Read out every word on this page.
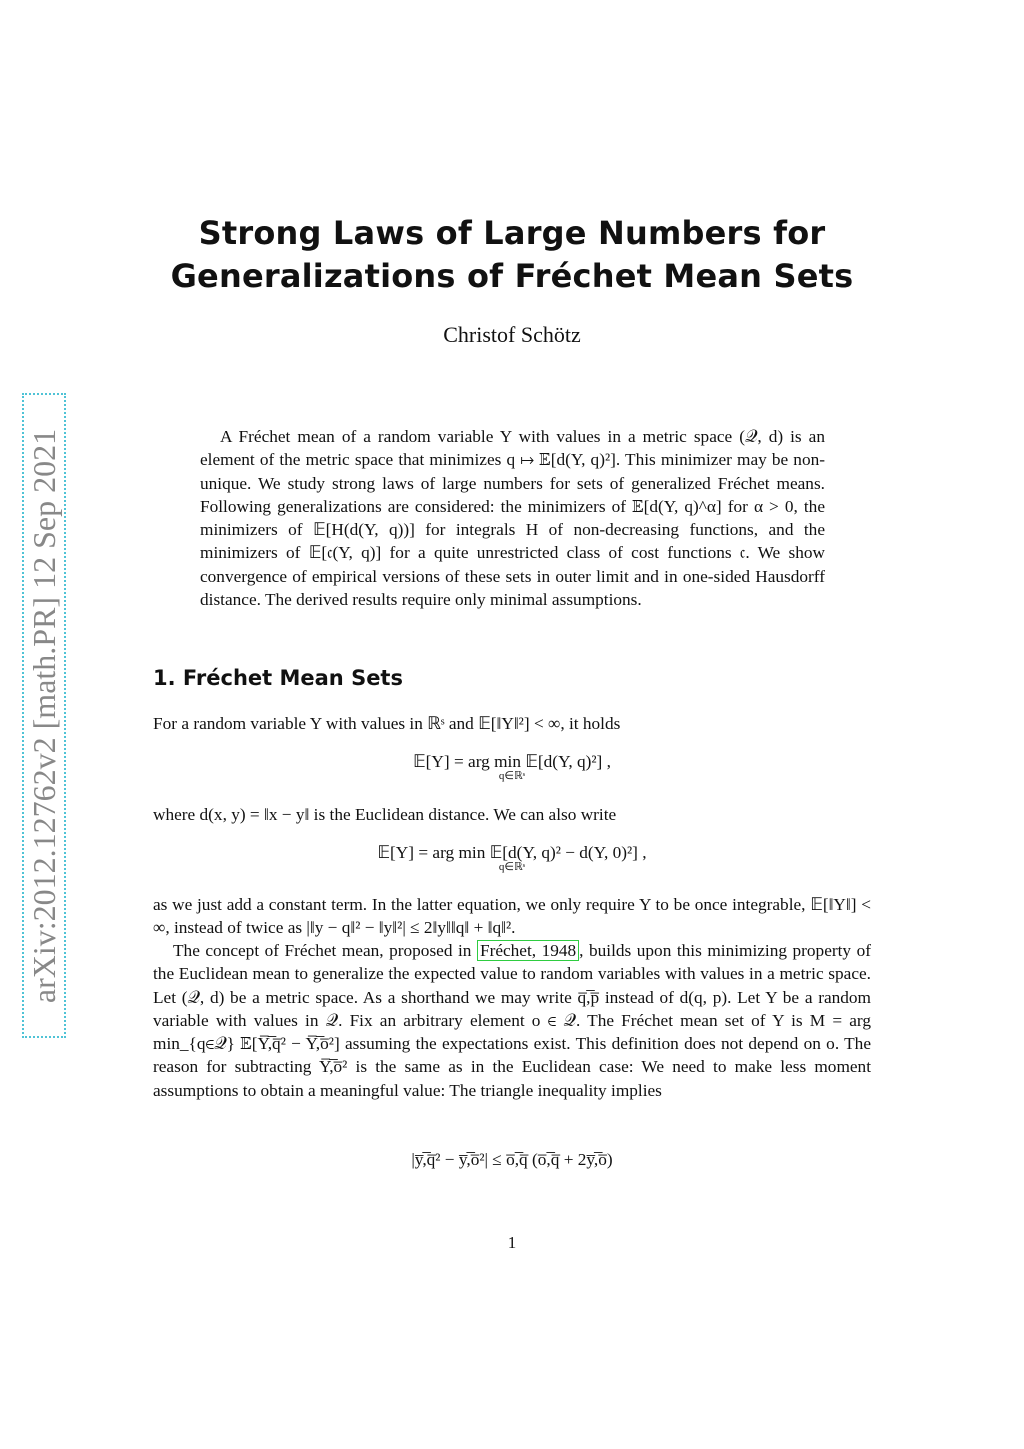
arXiv:2012.12762v2 [math.PR] 12 Sep 2021
Strong Laws of Large Numbers for
Generalizations of Fréchet Mean Sets
Christof Schötz

A Fréchet mean of a random variable Y with values in a metric space (𝒬, d) is an element of the metric space that minimizes q ↦ 𝔼[d(Y, q)²]. This minimizer may be non-unique. We study strong laws of large numbers for sets of generalized Fréchet means. Following generalizations are considered: the minimizers of 𝔼[d(Y, q)^α] for α > 0, the minimizers of 𝔼[H(d(Y, q))] for integrals H of non-decreasing functions, and the minimizers of 𝔼[𝔠(Y, q)] for a quite unrestricted class of cost functions 𝔠. We show convergence of empirical versions of these sets in outer limit and in one-sided Hausdorff distance. The derived results require only minimal assumptions.

1. Fréchet Mean Sets

For a random variable Y with values in ℝˢ and 𝔼[‖Y‖²] < ∞, it holds

𝔼[Y] = arg min 𝔼[d(Y, q)²] ,
q∈ℝˢ

where d(x, y) = ‖x − y‖ is the Euclidean distance. We can also write

𝔼[Y] = arg min 𝔼[d(Y, q)² − d(Y, 0)²] ,
q∈ℝˢ

as we just add a constant term. In the latter equation, we only require Y to be once integrable, 𝔼[‖Y‖] < ∞, instead of twice as |‖y − q‖² − ‖y‖²| ≤ 2‖y‖‖q‖ + ‖q‖².

The concept of Fréchet mean, proposed in Fréchet, 1948 , builds upon this minimizing property of the Euclidean mean to generalize the expected value to random variables with values in a metric space. Let (𝒬, d) be a metric space. As a shorthand we may write q̅,̅p̅ instead of d(q, p). Let Y be a random variable with values in 𝒬. Fix an arbitrary element o ∈ 𝒬. The Fréchet mean set of Y is M = arg min_{q∈𝒬} 𝔼[Y̅,̅q̅² − Y̅,̅o̅²] assuming the expectations exist. This definition does not depend on o. The reason for subtracting Y̅,̅o̅² is the same as in the Euclidean case: We need to make less moment assumptions to obtain a meaningful value: The triangle inequality implies

|y̅,̅q̅² − y̅,̅o̅²| ≤ o̅,̅q̅ (o̅,̅q̅ + 2y̅,̅o̅)
1
